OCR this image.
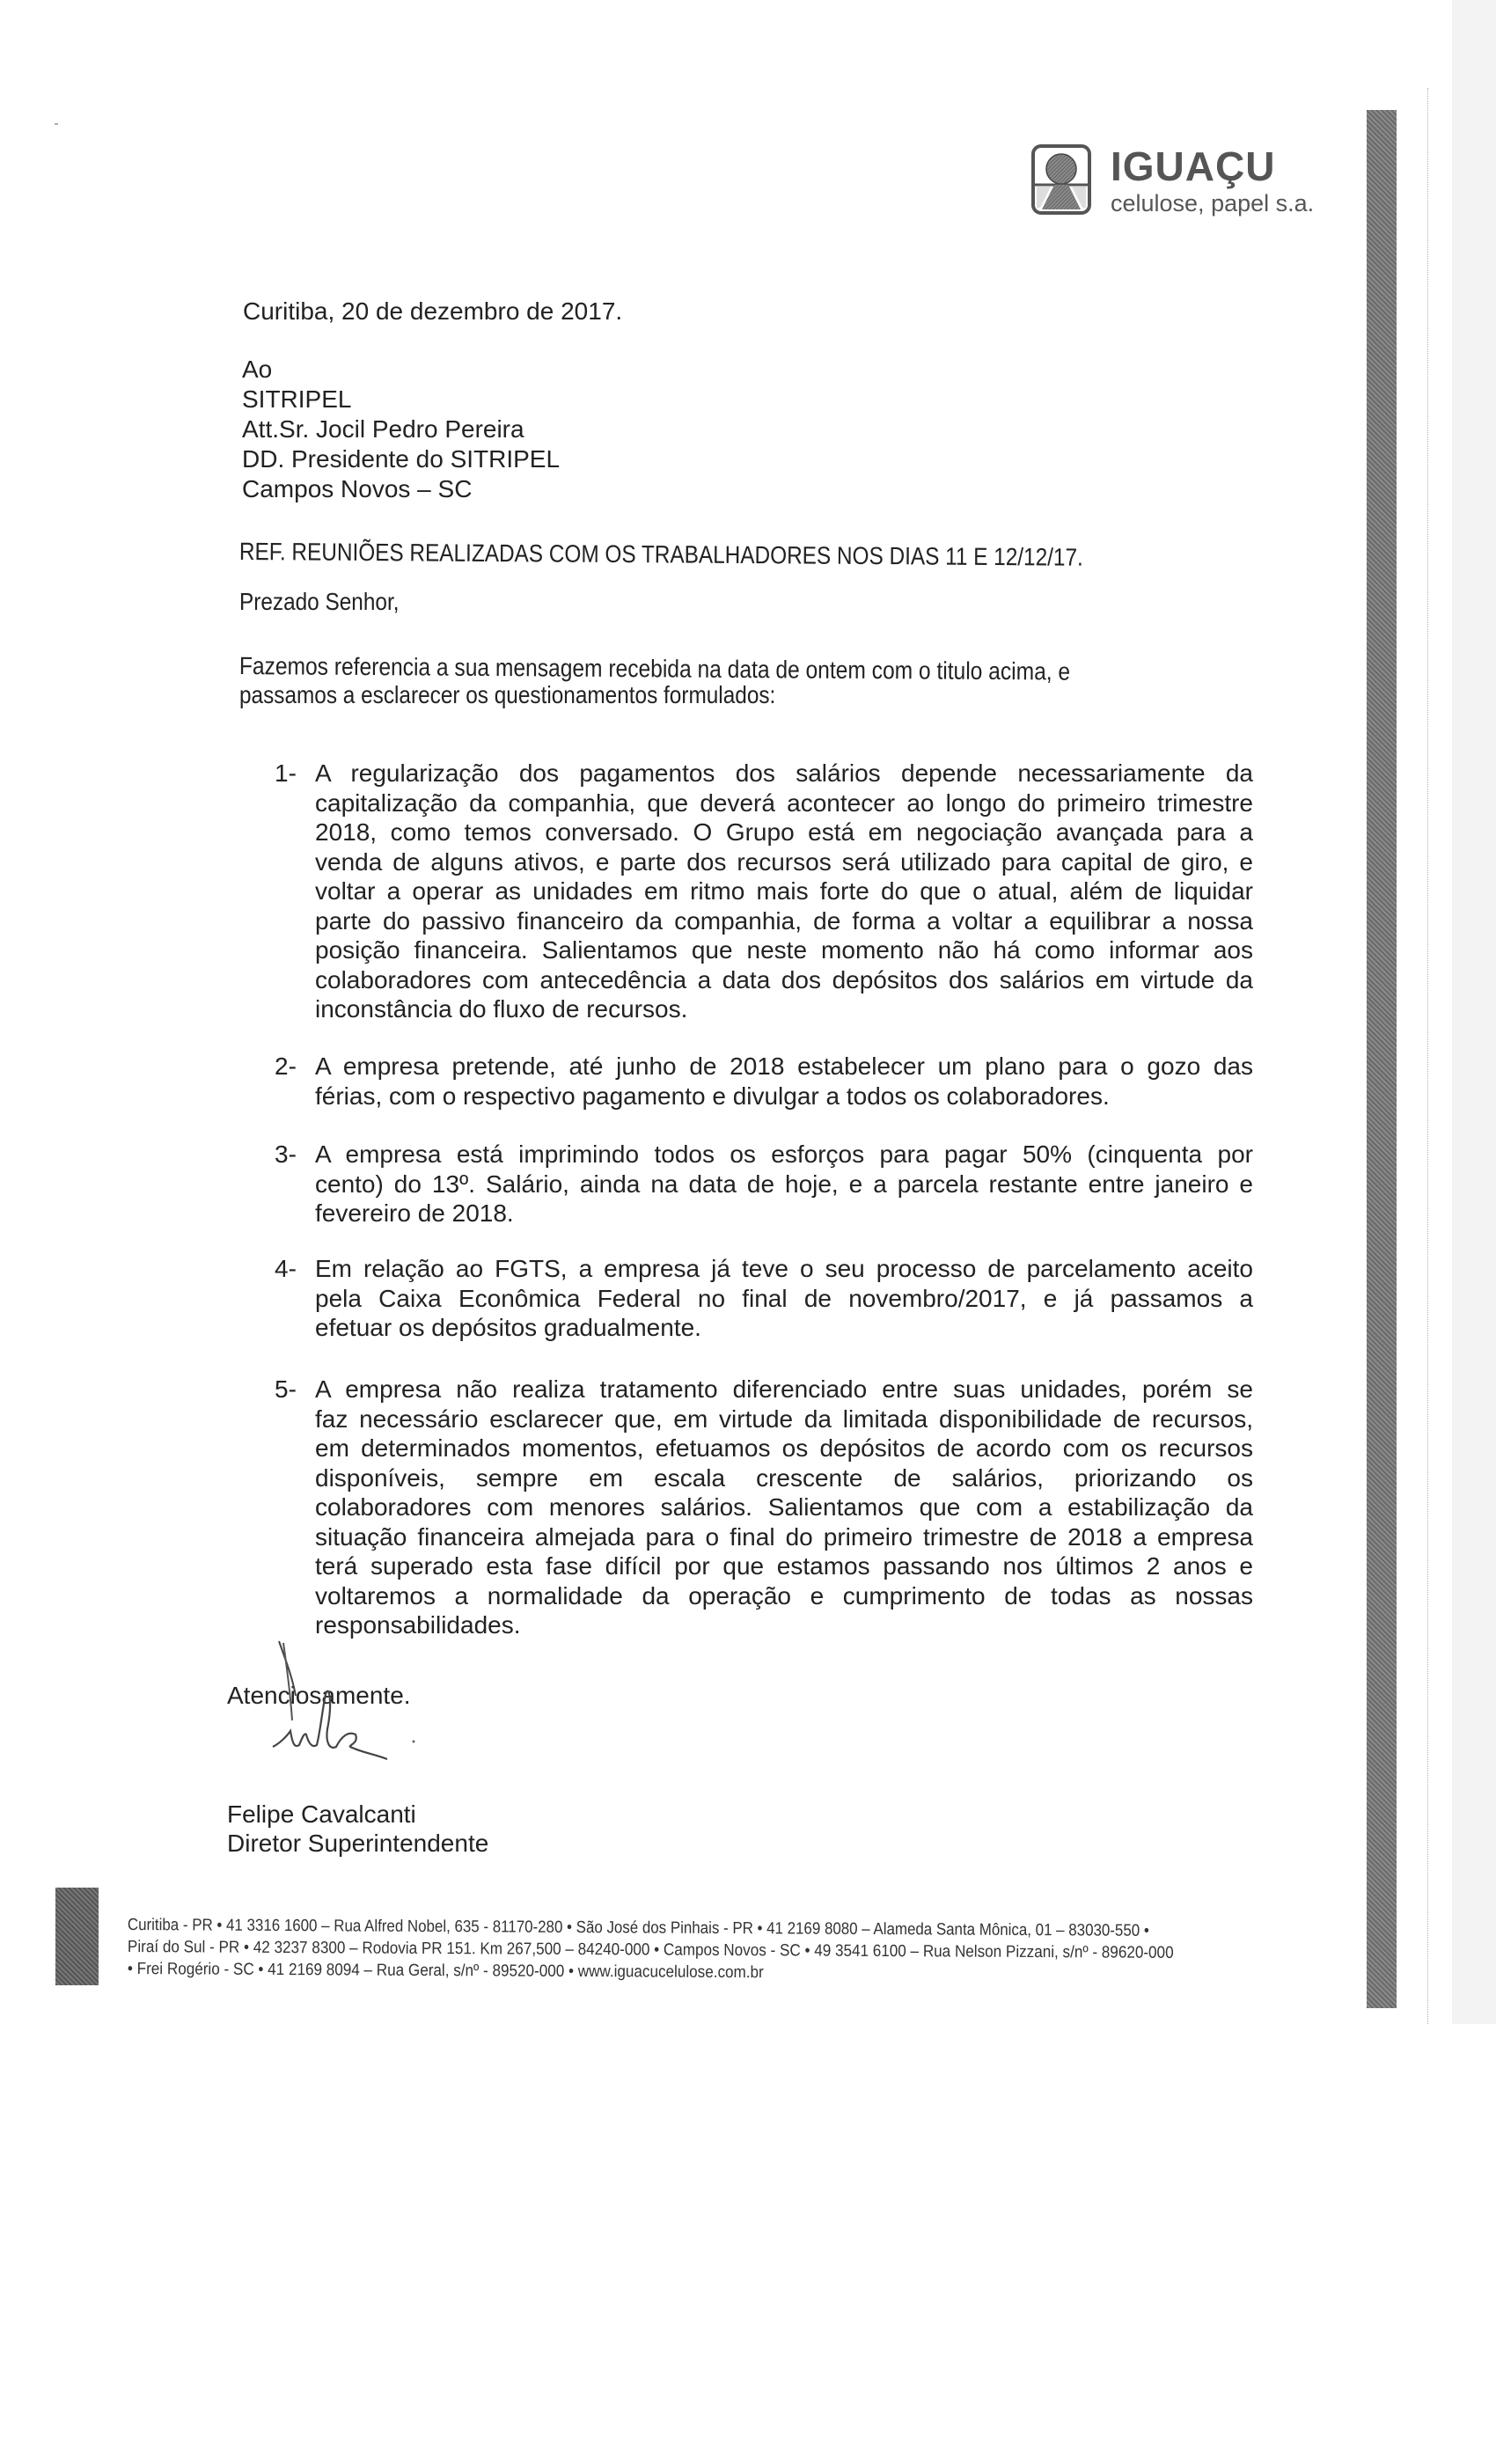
IGUAÇU
celulose, papel s.a.
Curitiba, 20 de dezembro de 2017.
Ao
SITRIPEL
Att.Sr. Jocil Pedro Pereira
DD. Presidente do SITRIPEL
Campos Novos – SC
REF. REUNIÕES REALIZADAS COM OS TRABALHADORES NOS DIAS 11 E 12/12/17.
Prezado Senhor,
Fazemos referencia a sua mensagem recebida na data de ontem com o titulo acima, e
passamos a esclarecer os questionamentos formulados:
1- A regularização dos pagamentos dos salários depende necessariamente da
capitalização da companhia, que deverá acontecer ao longo do primeiro trimestre
2018, como temos conversado. O Grupo está em negociação avançada para a
venda de alguns ativos, e parte dos recursos será utilizado para capital de giro, e
voltar a operar as unidades em ritmo mais forte do que o atual, além de liquidar
parte do passivo financeiro da companhia, de forma a voltar a equilibrar a nossa
posição financeira. Salientamos que neste momento não há como informar aos
colaboradores com antecedência a data dos depósitos dos salários em virtude da
inconstância do fluxo de recursos.
2- A empresa pretende, até junho de 2018 estabelecer um plano para o gozo das
férias, com o respectivo pagamento e divulgar a todos os colaboradores.
3- A empresa está imprimindo todos os esforços para pagar 50% (cinquenta por
cento) do 13º. Salário, ainda na data de hoje, e a parcela restante entre janeiro e
fevereiro de 2018.
4- Em relação ao FGTS, a empresa já teve o seu processo de parcelamento aceito
pela Caixa Econômica Federal no final de novembro/2017, e já passamos a
efetuar os depósitos gradualmente.
5- A empresa não realiza tratamento diferenciado entre suas unidades, porém se
faz necessário esclarecer que, em virtude da limitada disponibilidade de recursos,
em determinados momentos, efetuamos os depósitos de acordo com os recursos
disponíveis, sempre em escala crescente de salários, priorizando os
colaboradores com menores salários. Salientamos que com a estabilização da
situação financeira almejada para o final do primeiro trimestre de 2018 a empresa
terá superado esta fase difícil por que estamos passando nos últimos 2 anos e
voltaremos a normalidade da operação e cumprimento de todas as nossas
responsabilidades.
Atenciosamente.
Felipe Cavalcanti
Diretor Superintendente
Curitiba - PR • 41 3316 1600 – Rua Alfred Nobel, 635 - 81170-280 • São José dos Pinhais - PR • 41 2169 8080 – Alameda Santa Mônica, 01 – 83030-550 •
Piraí do Sul - PR • 42 3237 8300 – Rodovia PR 151. Km 267,500 – 84240-000 • Campos Novos - SC • 49 3541 6100 – Rua Nelson Pizzani, s/nº - 89620-000
• Frei Rogério - SC • 41 2169 8094 – Rua Geral, s/nº - 89520-000 • www.iguacucelulose.com.br
